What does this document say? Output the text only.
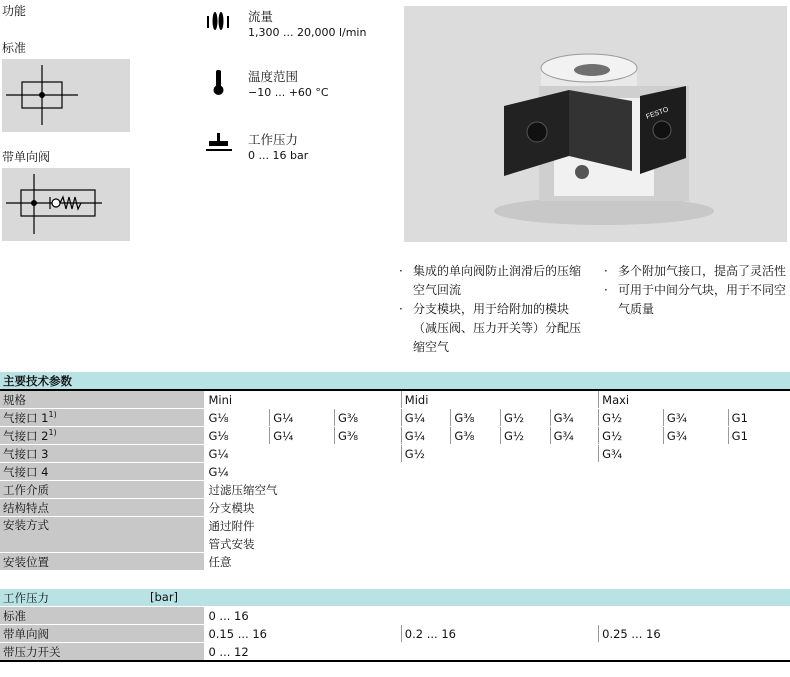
功能
标准
带单向阀
流量
1,300 ... 20,000 l/min
温度范围
−10 ... +60 °C
工作压力
0 ... 16 bar
FESTO
· 集成的单向阀防止润滑后的压缩空气回流
· 分支模块，用于给附加的模块（减压阀、压力开关等）分配压缩空气
· 多个附加气接口，提高了灵活性
· 可用于中间分气块，用于不同空气质量
主要技术参数										
规格	Mini			Midi				Maxi		
气接口 1$^{1)}$	G⅛	G¼	G⅜	G¼	G⅜	G½	G¾	G½	G¾	G1
气接口 2$^{1)}$	G⅛	G¼	G⅜	G¼	G⅜	G½	G¾	G½	G¾	G1
气接口 3	G¼			G½				G¾		
气接口 4	G¼									
工作介质	过滤压缩空气									
结构特点	分支模块									
安装方式	通过附件									
	管式安装									
安装位置	任意									

工作压力 [bar]										

标准	0 ... 16									
带单向阀	0.15 ... 16			0.2 ... 16				0.25 ... 16		
带压力开关	0 ... 12									
